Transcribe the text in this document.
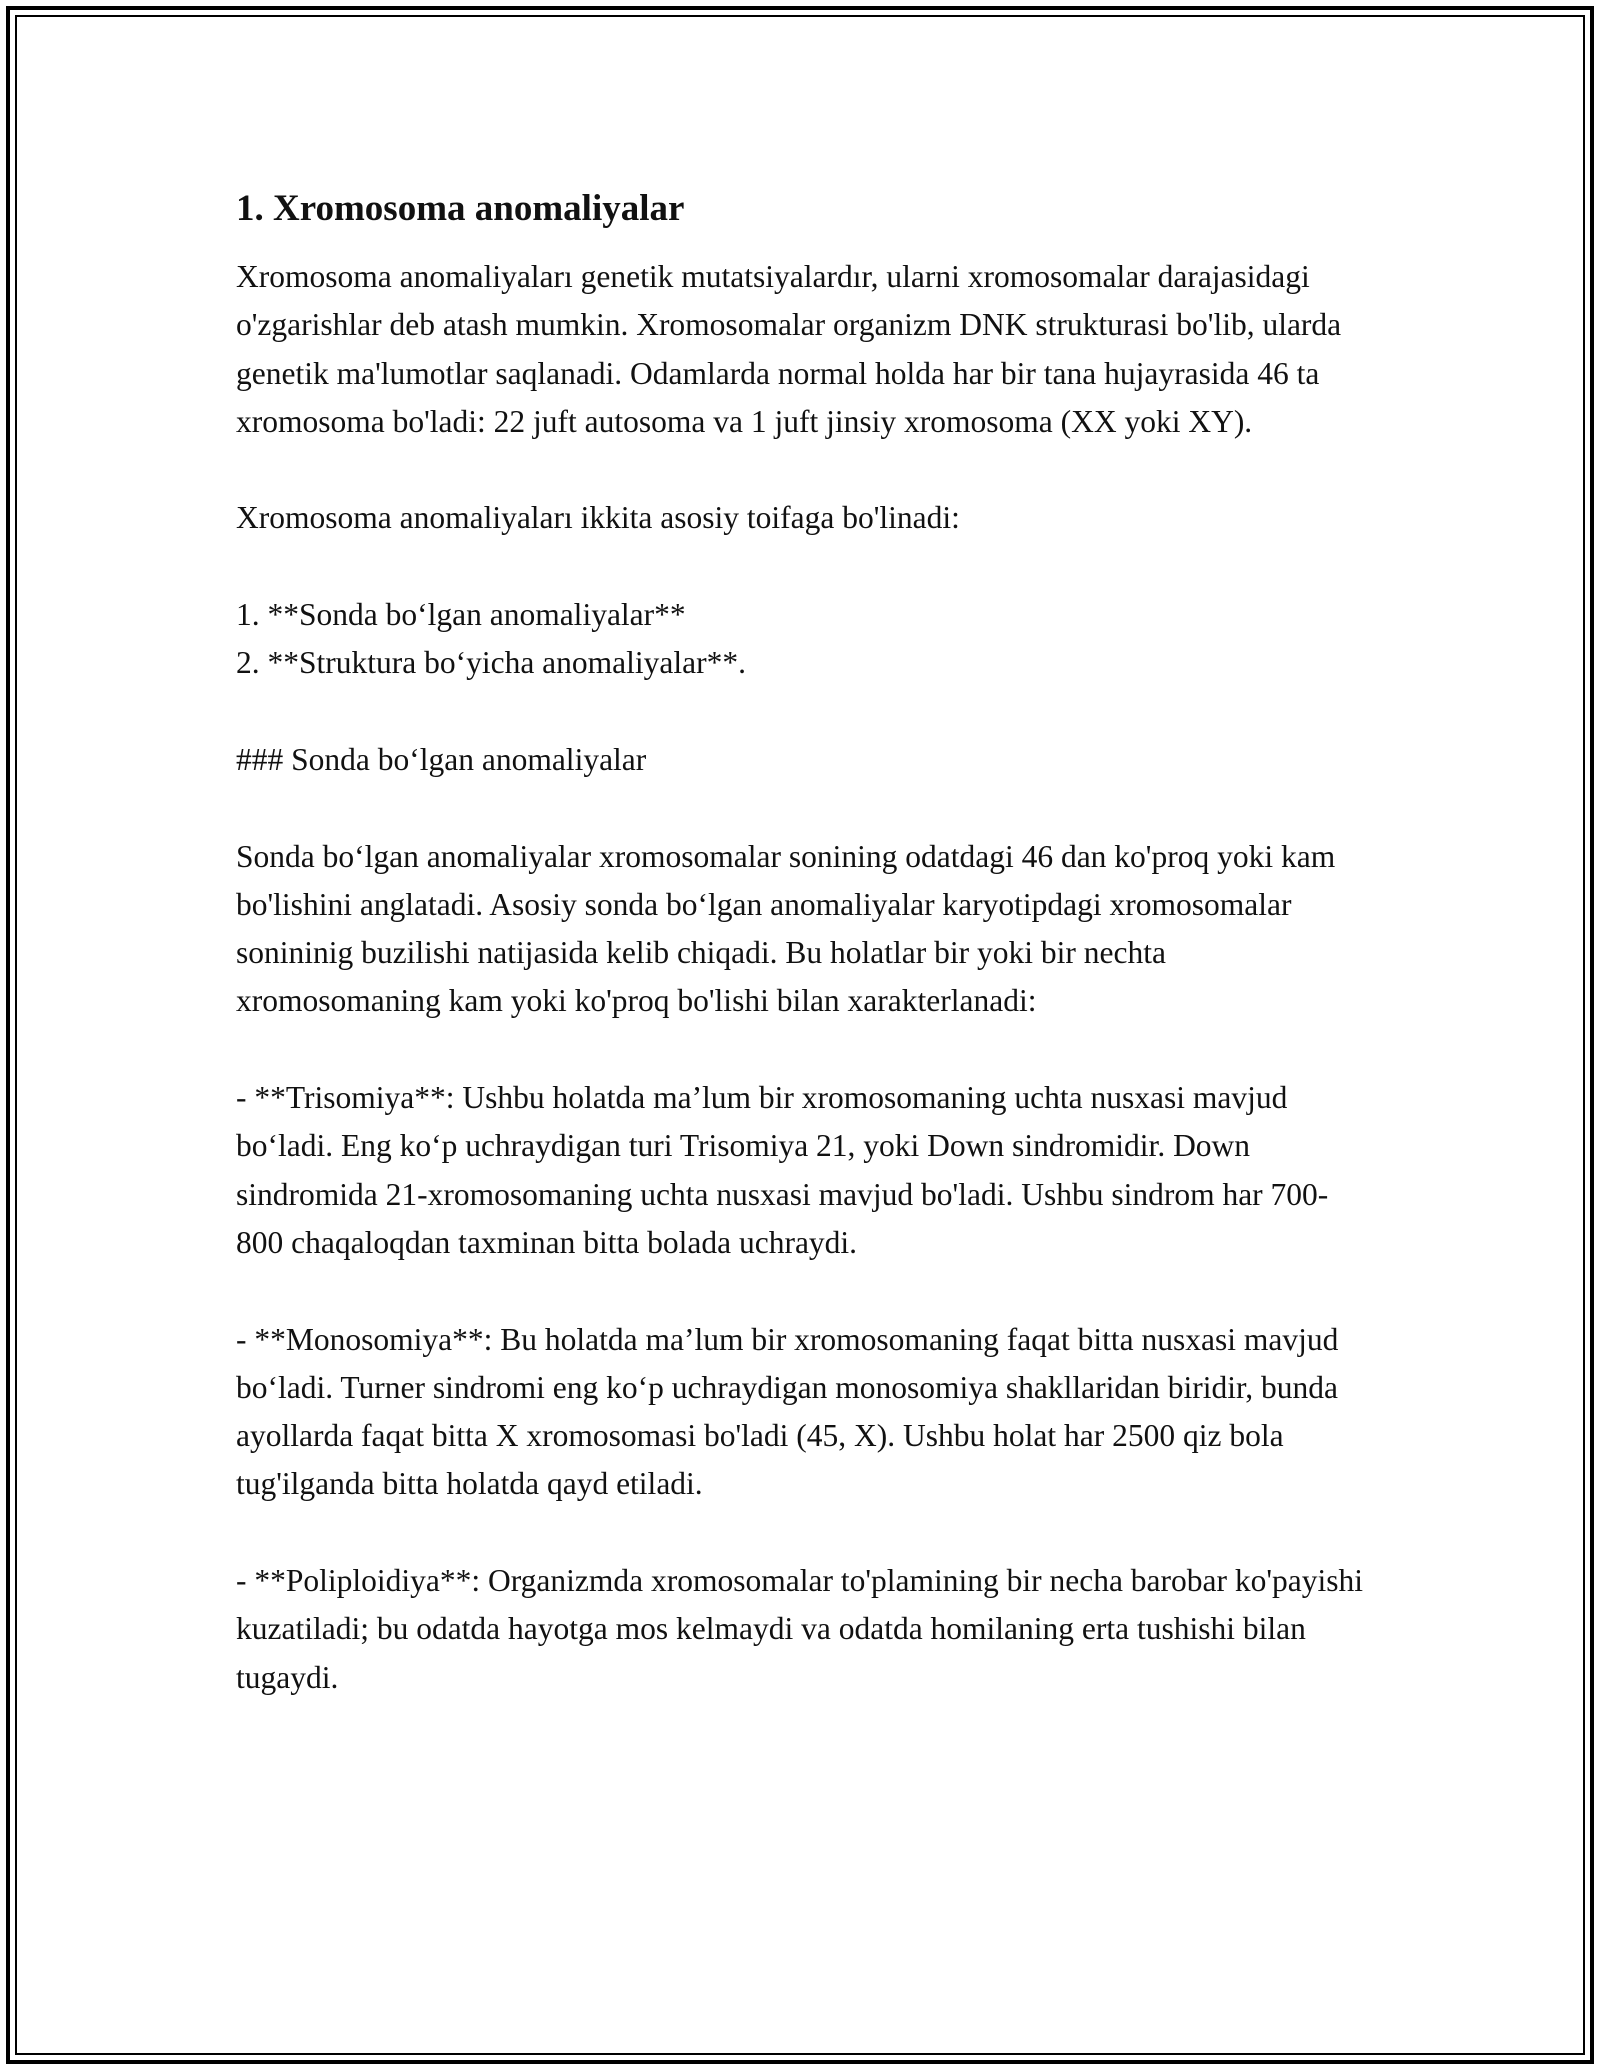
1. Xromosoma anomaliyalar

Xromosoma anomaliyaları genetik mutatsiyalardır, ularni xromosomalar darajasidagi o'zgarishlar deb atash mumkin. Xromosomalar organizm DNK strukturasi bo'lib, ularda genetik ma'lumotlar saqlanadi. Odamlarda normal holda har bir tana hujayrasida 46 ta xromosoma bo'ladi: 22 juft autosoma va 1 juft jinsiy xromosoma (XX yoki XY).

Xromosoma anomaliyaları ikkita asosiy toifaga bo'linadi:

1. **Sonda bo‘lgan anomaliyalar**
2. **Struktura bo‘yicha anomaliyalar**.

### Sonda bo‘lgan anomaliyalar

Sonda bo‘lgan anomaliyalar xromosomalar sonining odatdagi 46 dan ko'proq yoki kam bo'lishini anglatadi. Asosiy sonda bo‘lgan anomaliyalar karyotipdagi xromosomalar sonininig buzilishi natijasida kelib chiqadi. Bu holatlar bir yoki bir nechta xromosomaning kam yoki ko'proq bo'lishi bilan xarakterlanadi:

- **Trisomiya**: Ushbu holatda ma’lum bir xromosomaning uchta nusxasi mavjud bo‘ladi. Eng ko‘p uchraydigan turi Trisomiya 21, yoki Down sindromidir. Down sindromida 21-xromosomaning uchta nusxasi mavjud bo'ladi. Ushbu sindrom har 700-800 chaqaloqdan taxminan bitta bolada uchraydi.

- **Monosomiya**: Bu holatda ma’lum bir xromosomaning faqat bitta nusxasi mavjud bo‘ladi. Turner sindromi eng ko‘p uchraydigan monosomiya shakllaridan biridir, bunda ayollarda faqat bitta X xromosomasi bo'ladi (45, X). Ushbu holat har 2500 qiz bola tug'ilganda bitta holatda qayd etiladi.

- **Poliploidiya**: Organizmda xromosomalar to'plamining bir necha barobar ko'payishi kuzatiladi; bu odatda hayotga mos kelmaydi va odatda homilaning erta tushishi bilan tugaydi.
